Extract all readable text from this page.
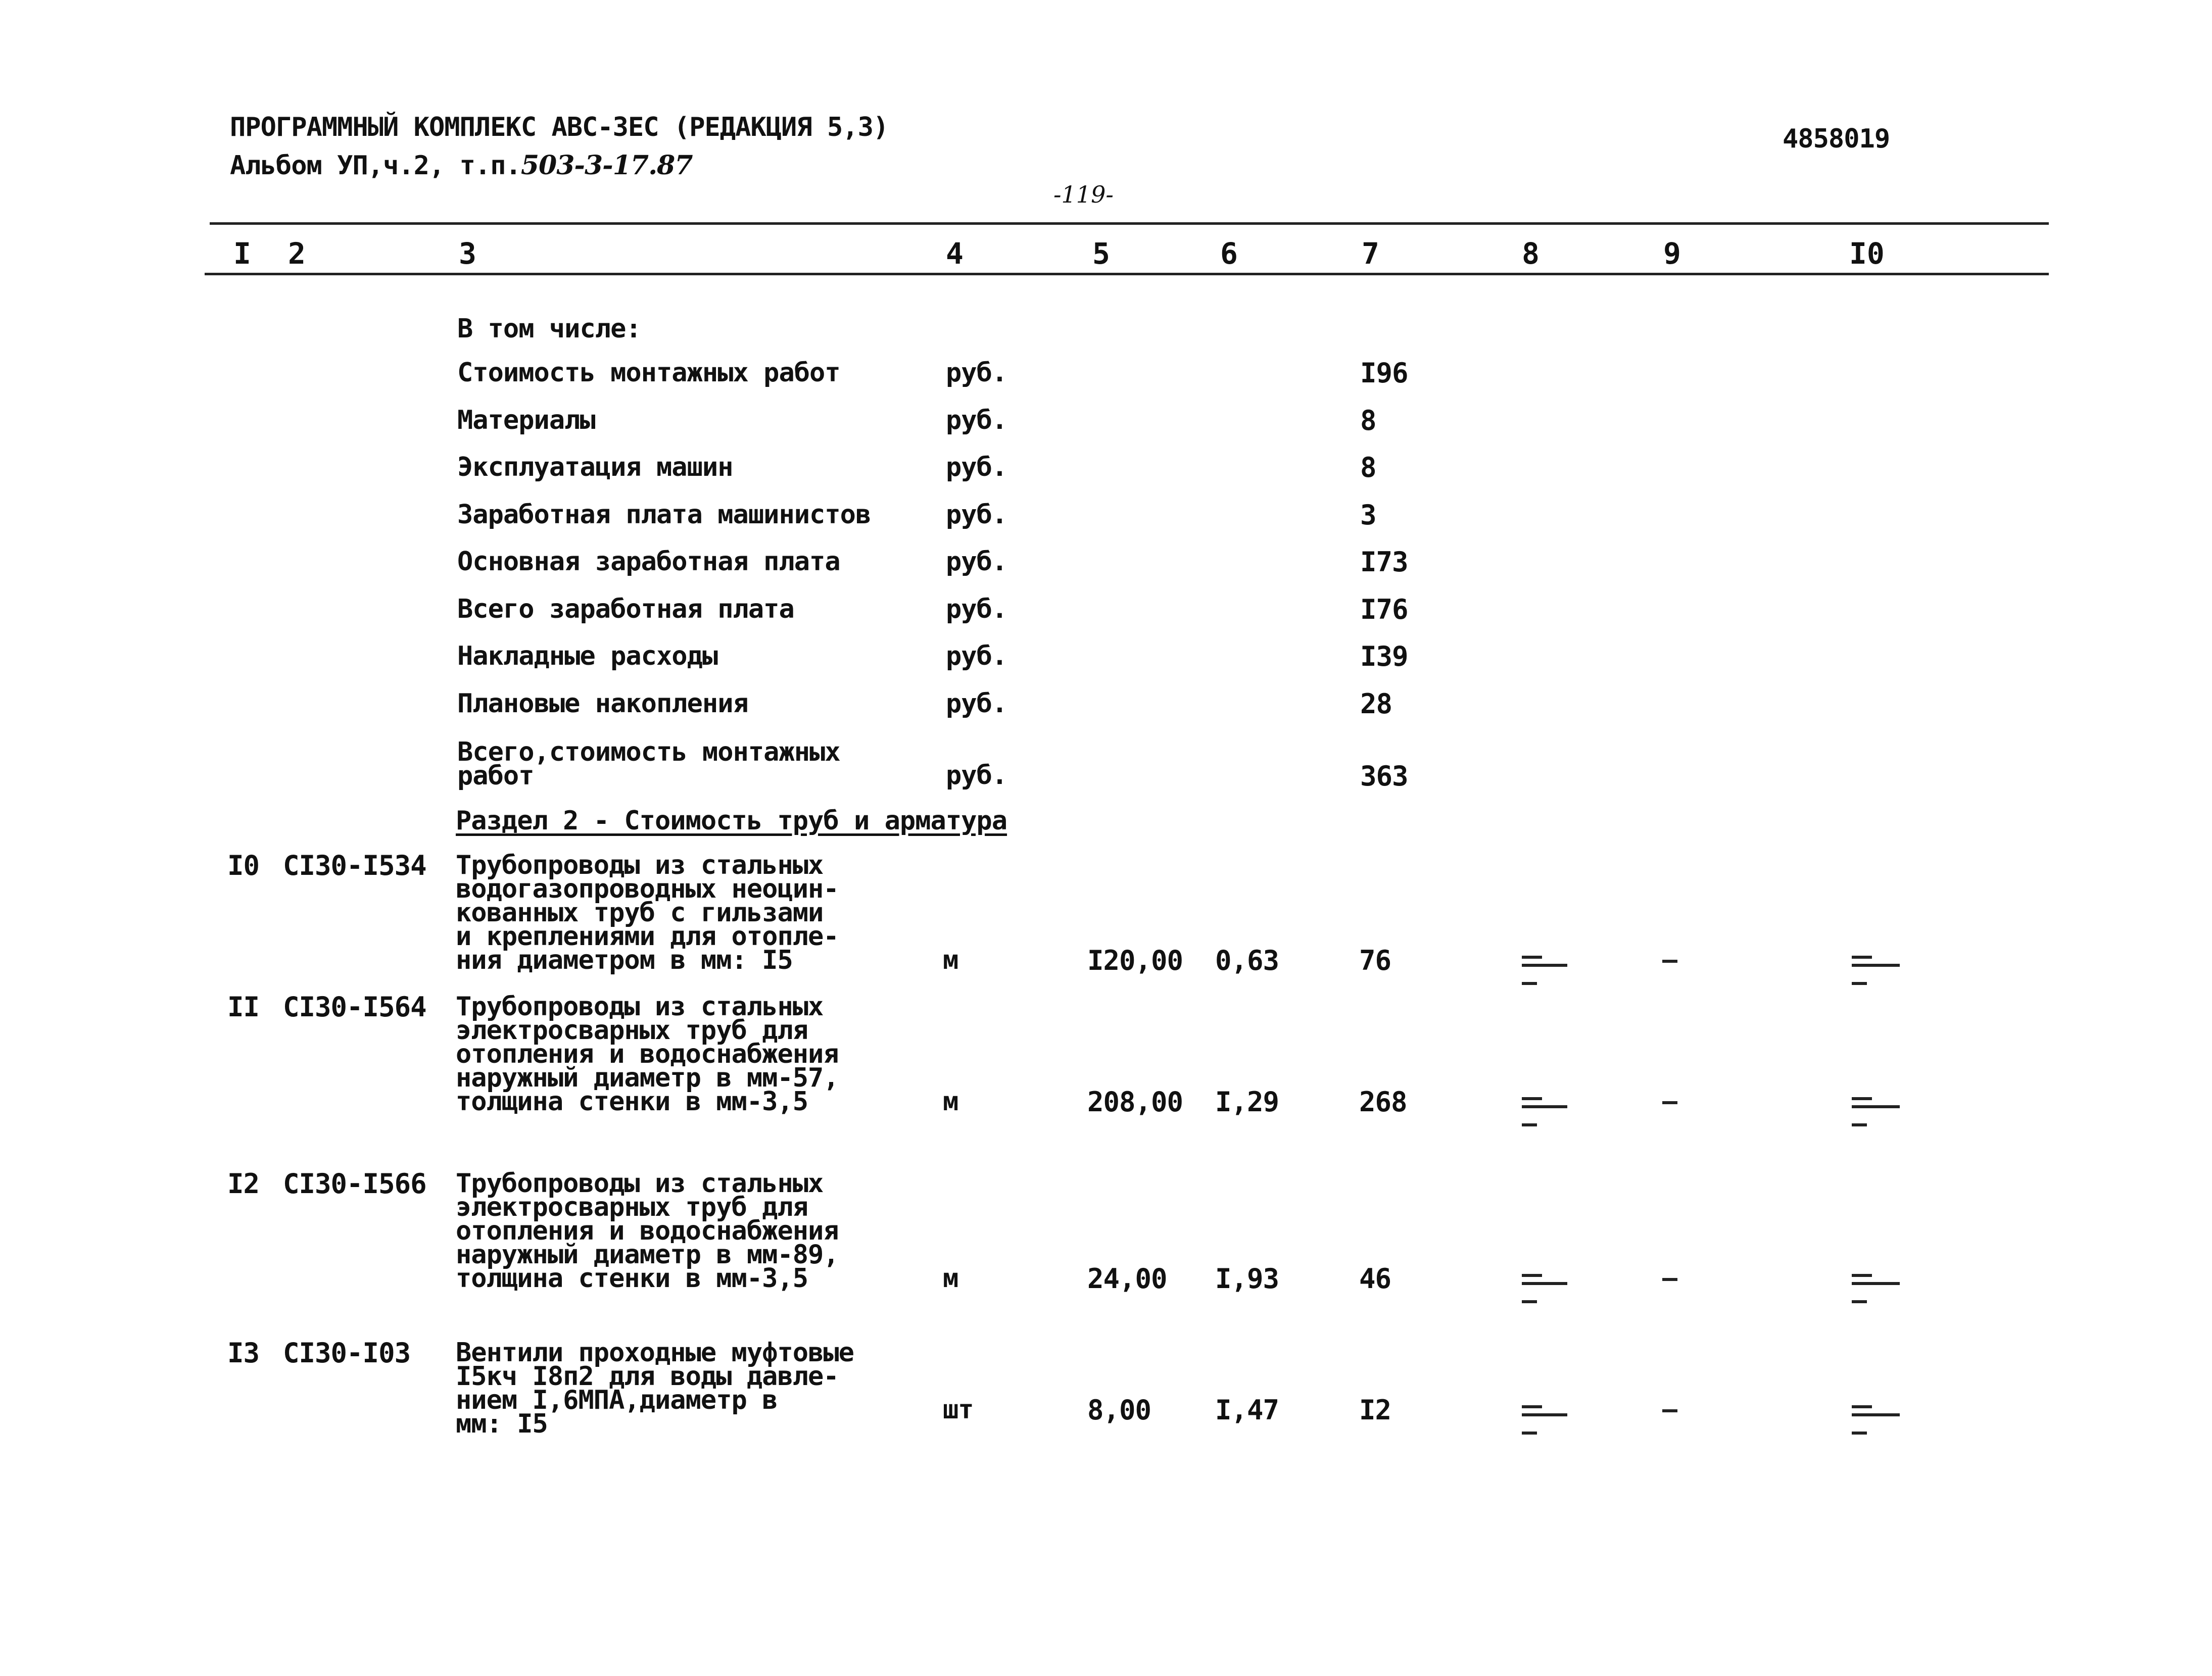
ПРОГРАММНЫЙ КОМПЛЕКС АВС-ЗЕС (РЕДАКЦИЯ 5,3)
Альбом УП,ч.2, т.п.503-3-17.87
4858019
-119-
I 2	3	4	5	6	7	8	9	I0
В том числе:
Стоимость монтажных работ	руб.	I96
Материалы	руб.	8
Эксплуатация машин	руб.	8
Заработная плата машинистов	руб.	3
Основная заработная плата	руб.	I73
Всего заработная плата	руб.	I76
Накладные расходы	руб.	I39
Плановые накопления	руб.	28
Всего,стоимость монтажных
работ	руб.	363
Раздел 2 - Стоимость труб и арматура
I0 CI30-I534 Трубопроводы из стальных
водогазопроводных неоцин-
кованных труб с гильзами
и креплениями для отопле-
ния диаметром в мм: I5	м	I20,00 0,63	76
II CI30-I564 Трубопроводы из стальных
электросварных труб для
отопления и водоснабжения
наружный диаметр в мм-57,
толщина стенки в мм-3,5	м	208,00 I,29	268
I2 CI30-I566 Трубопроводы из стальных
электросварных труб для
отопления и водоснабжения
наружный диаметр в мм-89,
толщина стенки в мм-3,5	м	24,00 I,93	46
I3 CI30-I03 Вентили проходные муфтовые
I5кч I8п2 для воды давле-
нием I,6МПА,диаметр в
мм: I5	шт	8,00 I,47	I2
